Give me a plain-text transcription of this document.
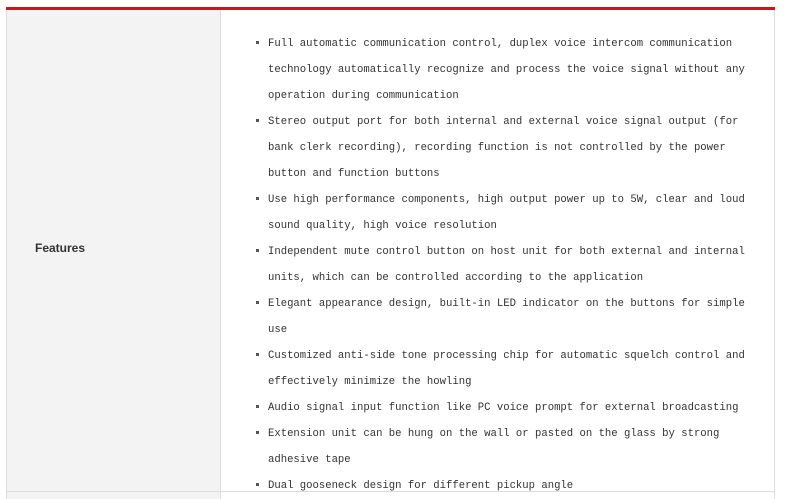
Features
Full automatic communication control, duplex voice intercom communication technology automatically recognize and process the voice signal without any operation during communication
Stereo output port for both internal and external voice signal output (for bank clerk recording), recording function is not controlled by the power button and function buttons
Use high performance components, high output power up to 5W, clear and loud sound quality, high voice resolution
Independent mute control button on host unit for both external and internal units, which can be controlled according to the application
Elegant appearance design, built-in LED indicator on the buttons for simple use
Customized anti-side tone processing chip for automatic squelch control and effectively minimize the howling
Audio signal input function like PC voice prompt for external broadcasting
Extension unit can be hung on the wall or pasted on the glass by strong adhesive tape
Dual gooseneck design for different pickup angle
